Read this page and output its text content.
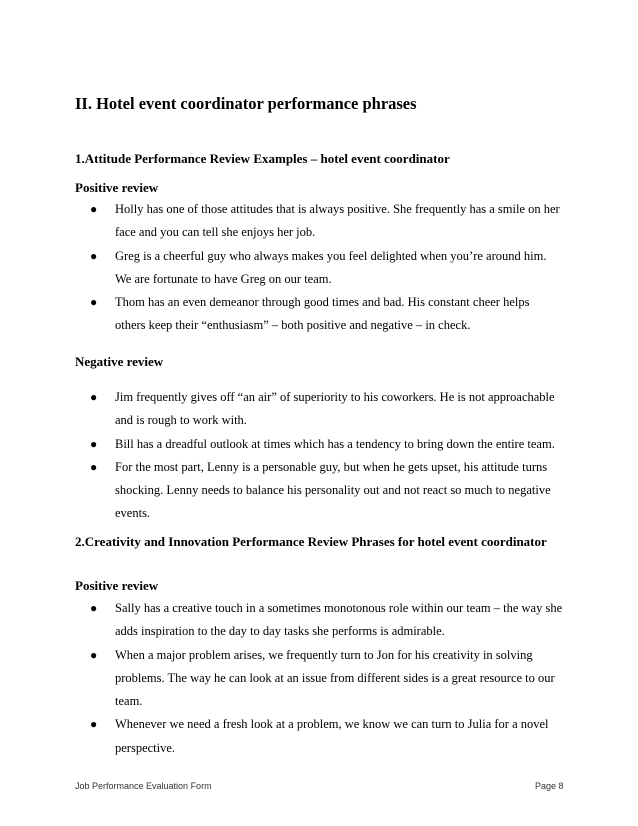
II. Hotel event coordinator performance phrases
1.Attitude Performance Review Examples – hotel event coordinator
Positive review
● Holly has one of those attitudes that is always positive. She frequently has a smile on her face and you can tell she enjoys her job.
● Greg is a cheerful guy who always makes you feel delighted when you’re around him. We are fortunate to have Greg on our team.
● Thom has an even demeanor through good times and bad. His constant cheer helps others keep their “enthusiasm” – both positive and negative – in check.
Negative review
● Jim frequently gives off “an air” of superiority to his coworkers. He is not approachable and is rough to work with.
● Bill has a dreadful outlook at times which has a tendency to bring down the entire team.
● For the most part, Lenny is a personable guy, but when he gets upset, his attitude turns shocking. Lenny needs to balance his personality out and not react so much to negative events.
2.Creativity and Innovation Performance Review Phrases for hotel event coordinator
Positive review
● Sally has a creative touch in a sometimes monotonous role within our team – the way she adds inspiration to the day to day tasks she performs is admirable.
● When a major problem arises, we frequently turn to Jon for his creativity in solving problems. The way he can look at an issue from different sides is a great resource to our team.
● Whenever we need a fresh look at a problem, we know we can turn to Julia for a novel perspective.
Job Performance Evaluation Form	Page 8
